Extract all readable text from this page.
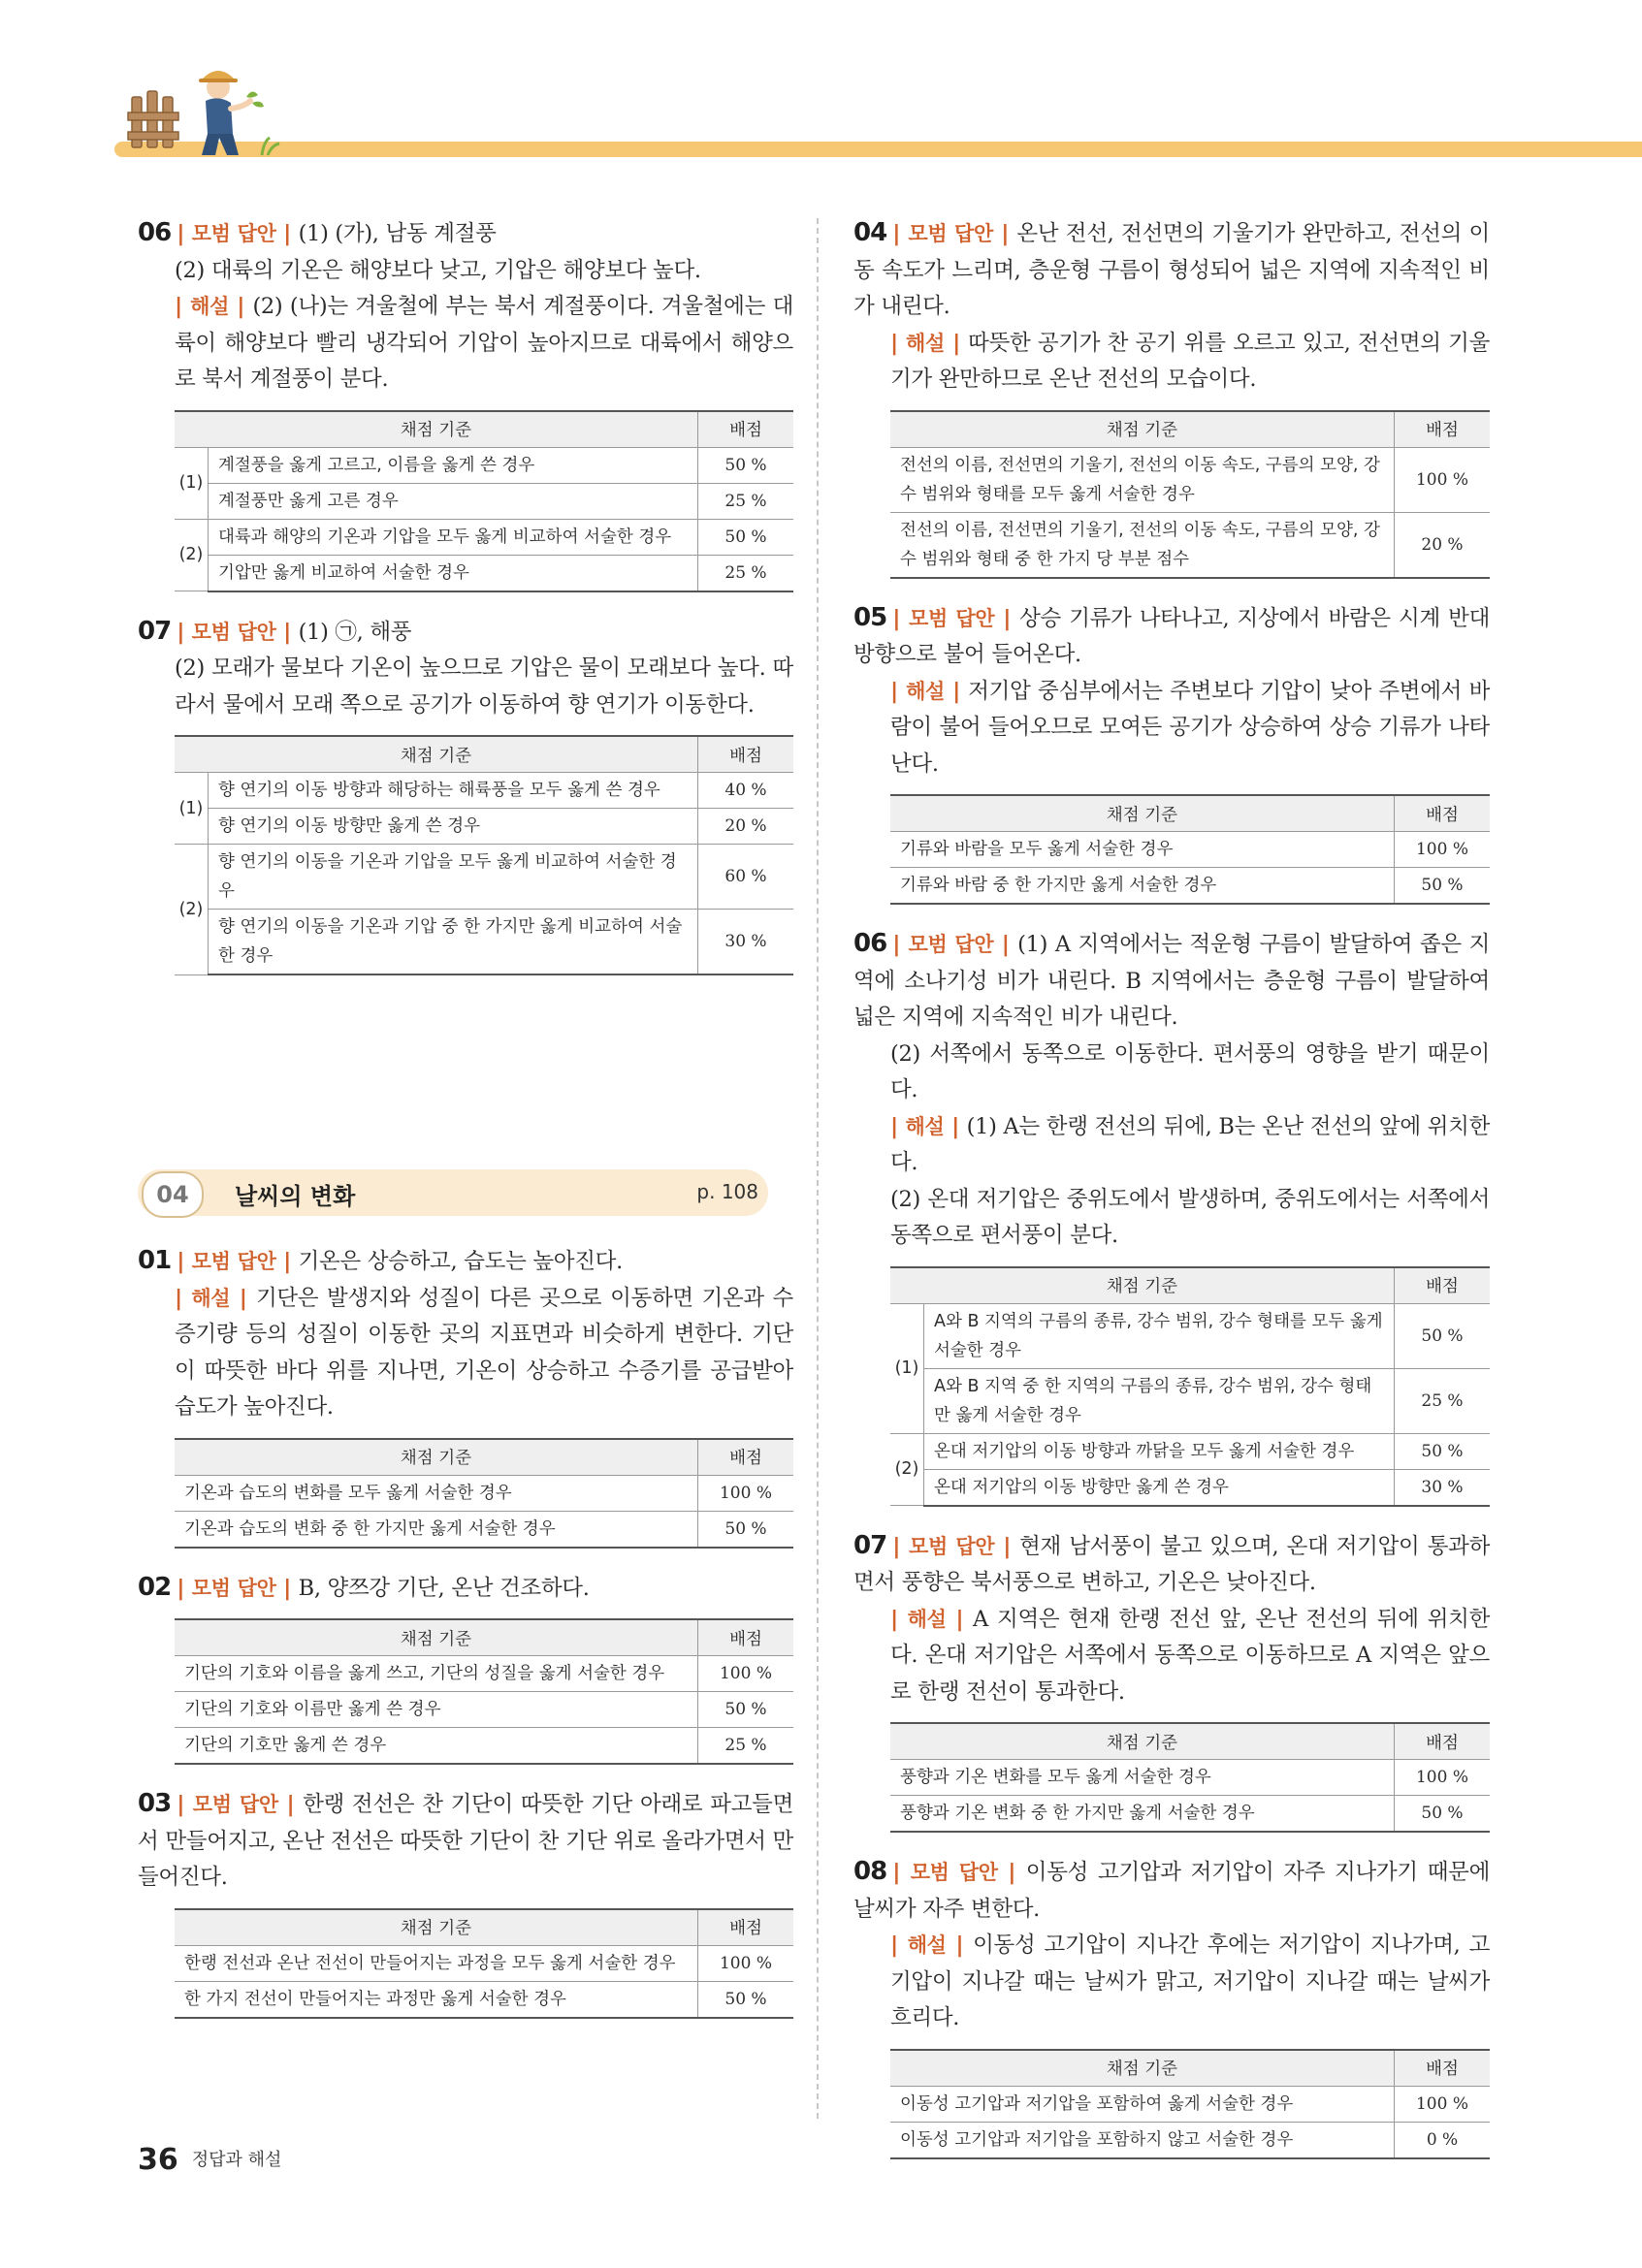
06 | 모범 답안 | (1) (가), 남동 계절풍

(2) 대륙의 기온은 해양보다 낮고, 기압은 해양보다 높다.

| 해설 | (2) (나)는 겨울철에 부는 북서 계절풍이다. 겨울철에는 대륙이 해양보다 빨리 냉각되어 기압이 높아지므로 대륙에서 해양으로 북서 계절풍이 분다.

채점 기준		배점
(1)	계절풍을 옳게 고르고, 이름을 옳게 쓴 경우	50 %
	계절풍만 옳게 고른 경우	25 %
(2)	대륙과 해양의 기온과 기압을 모두 옳게 비교하여 서술한 경우	50 %
	기압만 옳게 비교하여 서술한 경우	25 %

07 | 모범 답안 | (1) ㉠, 해풍

(2) 모래가 물보다 기온이 높으므로 기압은 물이 모래보다 높다. 따라서 물에서 모래 쪽으로 공기가 이동하여 향 연기가 이동한다.

채점 기준		배점
(1)	향 연기의 이동 방향과 해당하는 해륙풍을 모두 옳게 쓴 경우	40 %
	향 연기의 이동 방향만 옳게 쓴 경우	20 %
(2)	향 연기의 이동을 기온과 기압을 모두 옳게 비교하여 서술한 경우	60 %
	향 연기의 이동을 기온과 기압 중 한 가지만 옳게 비교하여 서술한 경우	30 %
04	날씨의 변화	p. 108

01 | 모범 답안 | 기온은 상승하고, 습도는 높아진다.

| 해설 | 기단은 발생지와 성질이 다른 곳으로 이동하면 기온과 수증기량 등의 성질이 이동한 곳의 지표면과 비슷하게 변한다. 기단이 따뜻한 바다 위를 지나면, 기온이 상승하고 수증기를 공급받아 습도가 높아진다.

채점 기준	배점
기온과 습도의 변화를 모두 옳게 서술한 경우	100 %
기온과 습도의 변화 중 한 가지만 옳게 서술한 경우	50 %

02 | 모범 답안 | B, 양쯔강 기단, 온난 건조하다.

채점 기준	배점
기단의 기호와 이름을 옳게 쓰고, 기단의 성질을 옳게 서술한 경우	100 %
기단의 기호와 이름만 옳게 쓴 경우	50 %
기단의 기호만 옳게 쓴 경우	25 %

03 | 모범 답안 | 한랭 전선은 찬 기단이 따뜻한 기단 아래로 파고들면서 만들어지고, 온난 전선은 따뜻한 기단이 찬 기단 위로 올라가면서 만들어진다.

채점 기준	배점
한랭 전선과 온난 전선이 만들어지는 과정을 모두 옳게 서술한 경우	100 %
한 가지 전선이 만들어지는 과정만 옳게 서술한 경우	50 %

04 | 모범 답안 | 온난 전선, 전선면의 기울기가 완만하고, 전선의 이동 속도가 느리며, 층운형 구름이 형성되어 넓은 지역에 지속적인 비가 내린다.

| 해설 | 따뜻한 공기가 찬 공기 위를 오르고 있고, 전선면의 기울기가 완만하므로 온난 전선의 모습이다.

채점 기준	배점
전선의 이름, 전선면의 기울기, 전선의 이동 속도, 구름의 모양, 강수 범위와 형태를 모두 옳게 서술한 경우	100 %
전선의 이름, 전선면의 기울기, 전선의 이동 속도, 구름의 모양, 강수 범위와 형태 중 한 가지 당 부분 점수	20 %

05 | 모범 답안 | 상승 기류가 나타나고, 지상에서 바람은 시계 반대 방향으로 불어 들어온다.

| 해설 | 저기압 중심부에서는 주변보다 기압이 낮아 주변에서 바람이 불어 들어오므로 모여든 공기가 상승하여 상승 기류가 나타난다.

채점 기준	배점
기류와 바람을 모두 옳게 서술한 경우	100 %
기류와 바람 중 한 가지만 옳게 서술한 경우	50 %

06 | 모범 답안 | (1) A 지역에서는 적운형 구름이 발달하여 좁은 지역에 소나기성 비가 내린다. B 지역에서는 층운형 구름이 발달하여 넓은 지역에 지속적인 비가 내린다.

(2) 서쪽에서 동쪽으로 이동한다. 편서풍의 영향을 받기 때문이다.

| 해설 | (1) A는 한랭 전선의 뒤에, B는 온난 전선의 앞에 위치한다.

(2) 온대 저기압은 중위도에서 발생하며, 중위도에서는 서쪽에서 동쪽으로 편서풍이 분다.

채점 기준		배점
(1)	A와 B 지역의 구름의 종류, 강수 범위, 강수 형태를 모두 옳게 서술한 경우	50 %
	A와 B 지역 중 한 지역의 구름의 종류, 강수 범위, 강수 형태만 옳게 서술한 경우	25 %
(2)	온대 저기압의 이동 방향과 까닭을 모두 옳게 서술한 경우	50 %
	온대 저기압의 이동 방향만 옳게 쓴 경우	30 %

07 | 모범 답안 | 현재 남서풍이 불고 있으며, 온대 저기압이 통과하면서 풍향은 북서풍으로 변하고, 기온은 낮아진다.

| 해설 | A 지역은 현재 한랭 전선 앞, 온난 전선의 뒤에 위치한다. 온대 저기압은 서쪽에서 동쪽으로 이동하므로 A 지역은 앞으로 한랭 전선이 통과한다.

채점 기준	배점
풍향과 기온 변화를 모두 옳게 서술한 경우	100 %
풍향과 기온 변화 중 한 가지만 옳게 서술한 경우	50 %

08 | 모범 답안 | 이동성 고기압과 저기압이 자주 지나가기 때문에 날씨가 자주 변한다.

| 해설 | 이동성 고기압이 지나간 후에는 저기압이 지나가며, 고기압이 지나갈 때는 날씨가 맑고, 저기압이 지나갈 때는 날씨가 흐리다.

채점 기준	배점
이동성 고기압과 저기압을 포함하여 옳게 서술한 경우	100 %
이동성 고기압과 저기압을 포함하지 않고 서술한 경우	0 %
36 정답과 해설
